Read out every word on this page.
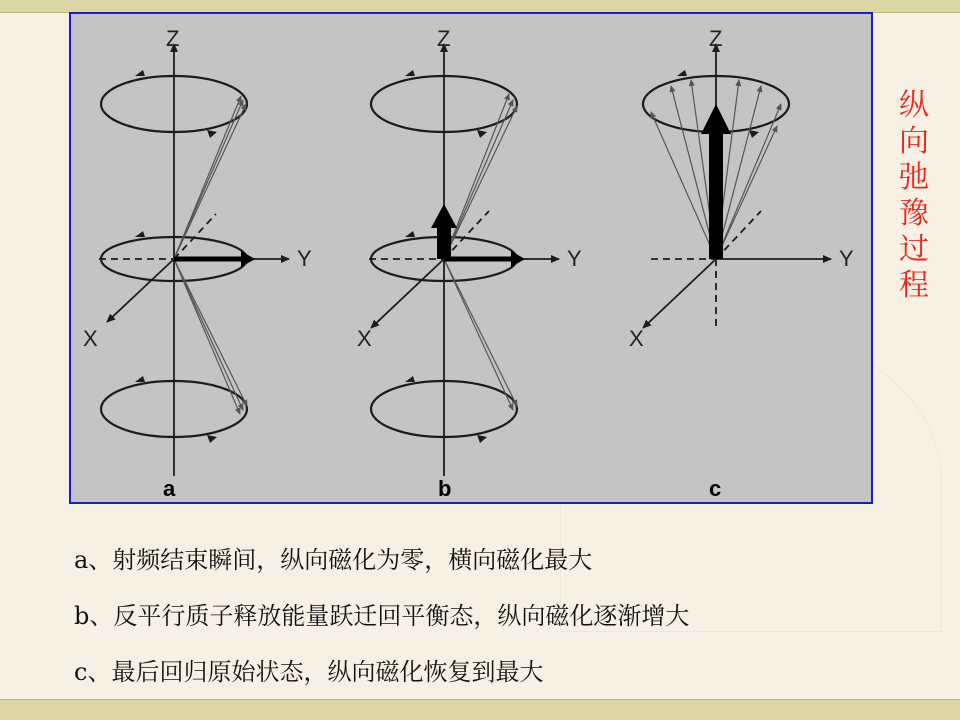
Z
Y
X
a
Z
Y
X
b
Z
Y
X
c
纵向弛豫过程
a、射频结束瞬间，纵向磁化为零，横向磁化最大
b、反平行质子释放能量跃迁回平衡态，纵向磁化逐渐增大
c、最后回归原始状态，纵向磁化恢复到最大
